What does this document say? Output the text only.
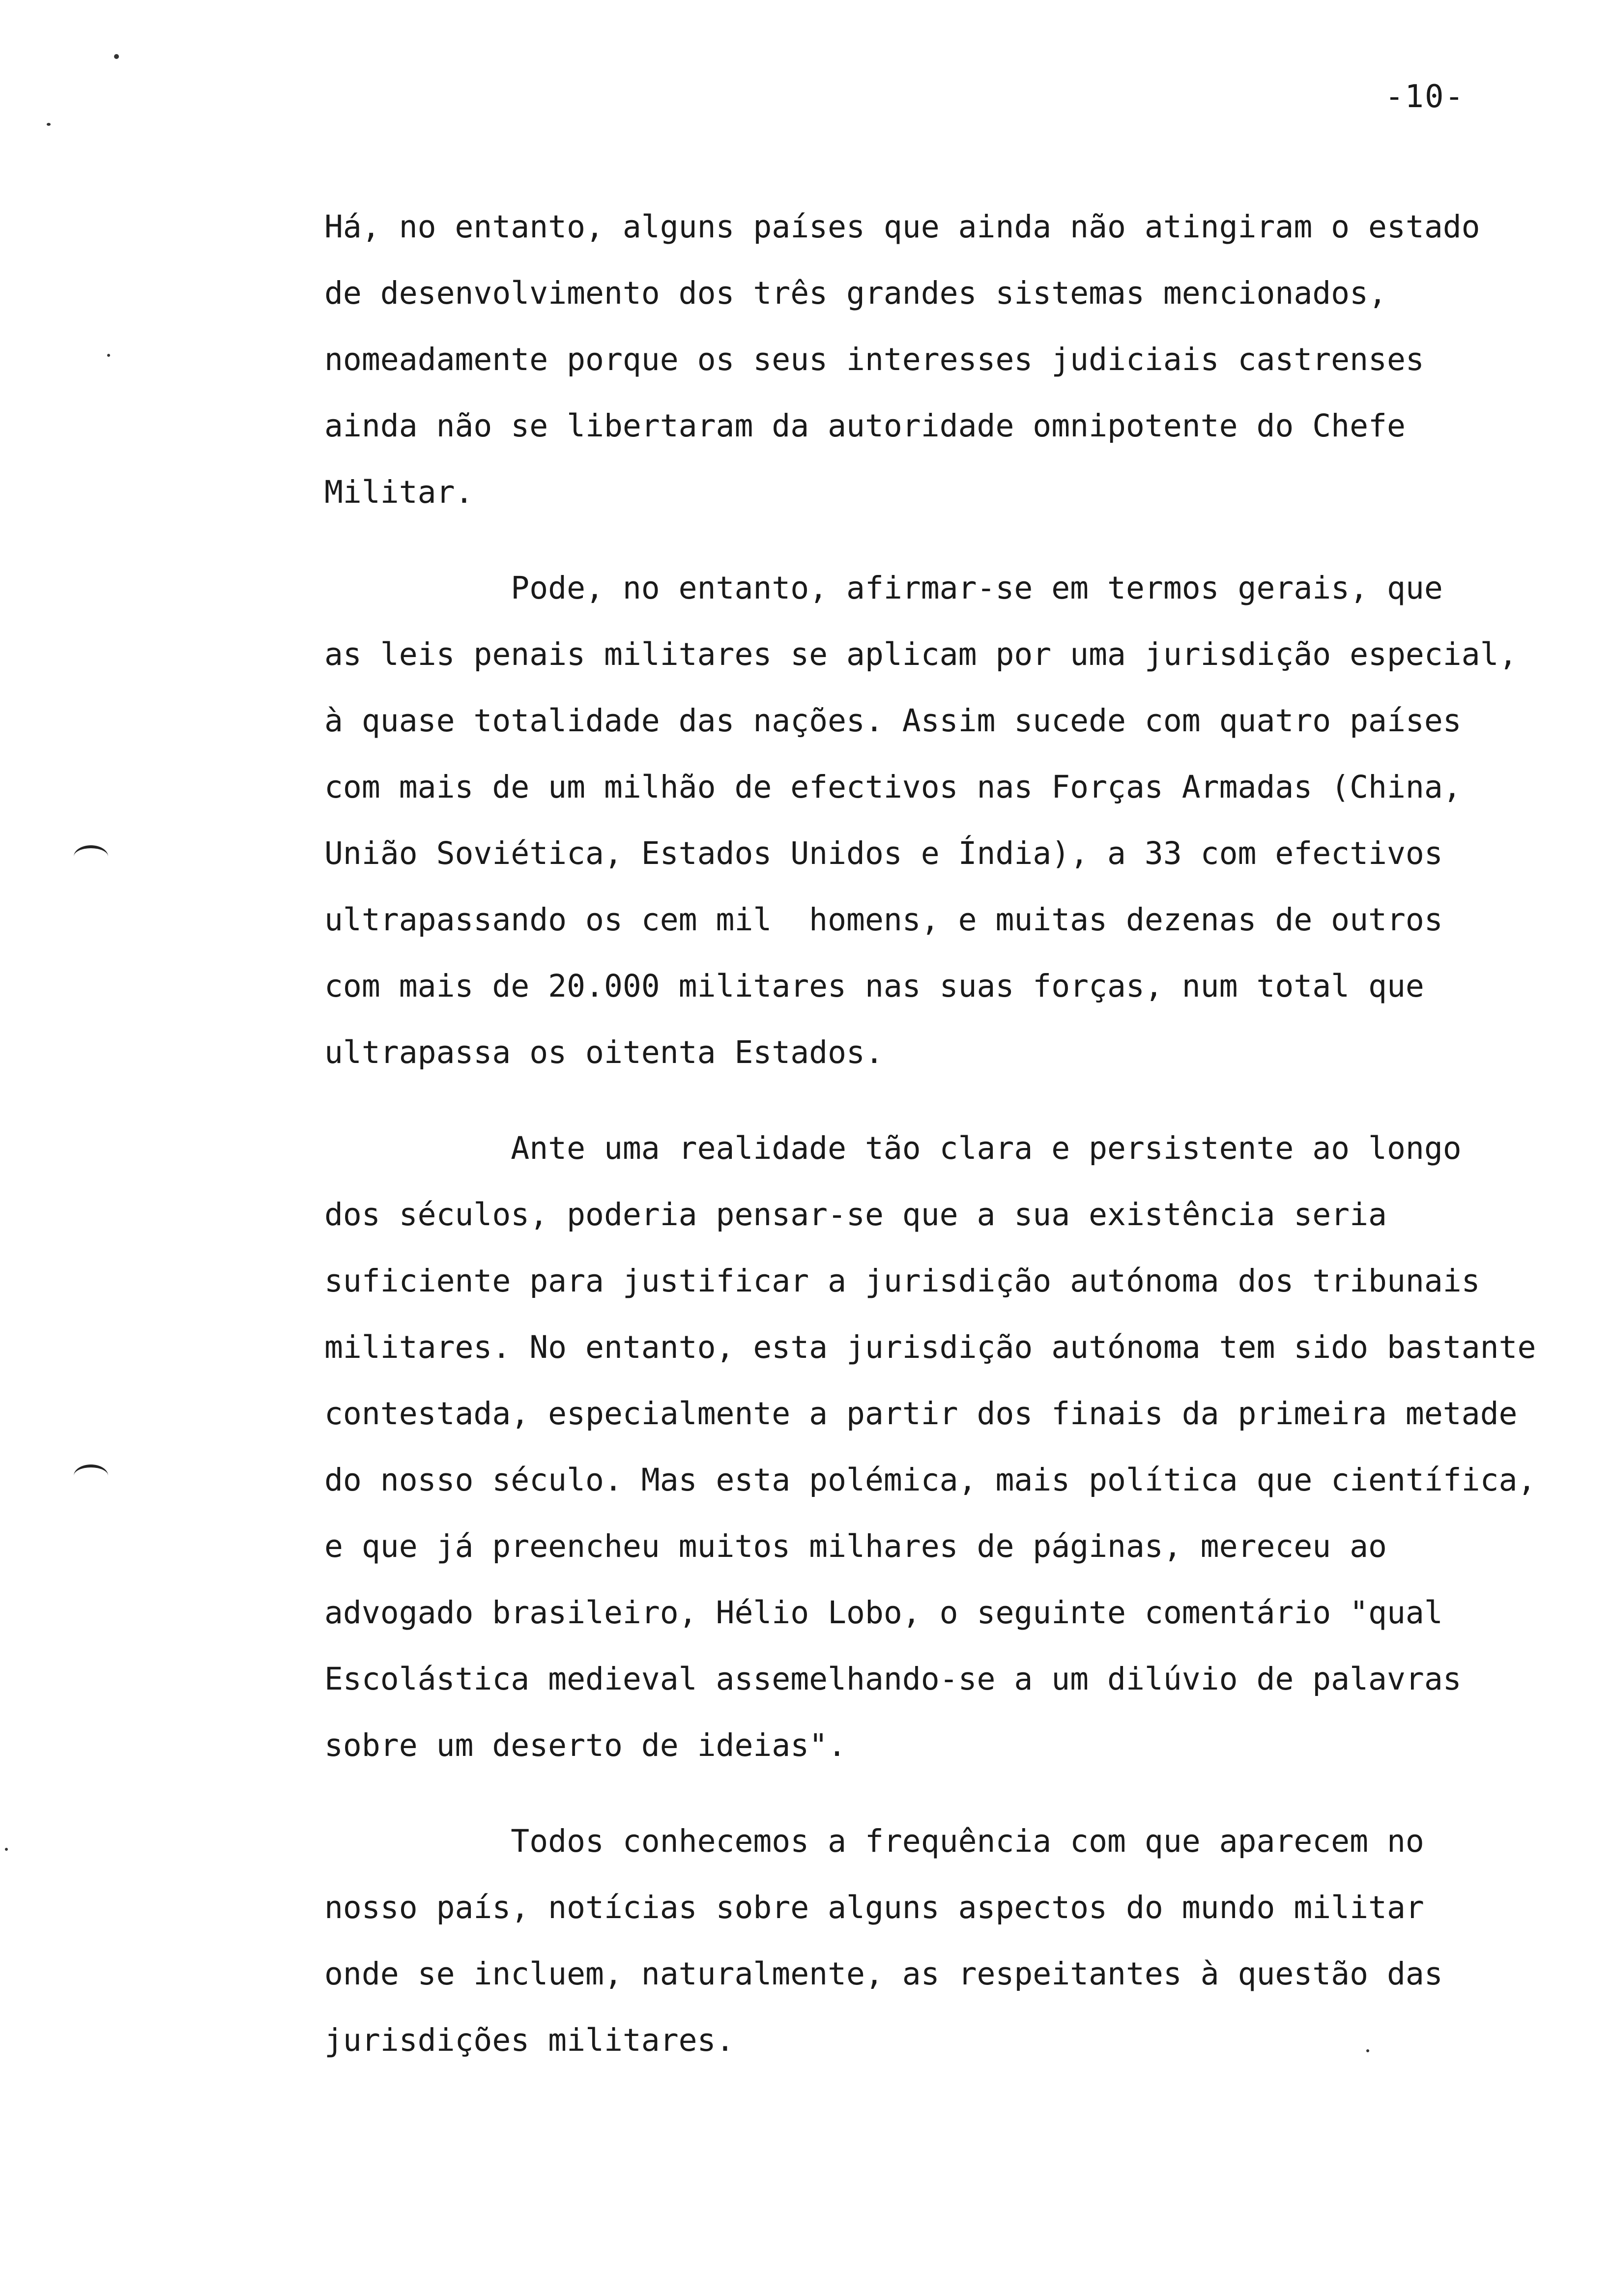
-10-
Há, no entanto, alguns países que ainda não atingiram o estado
de desenvolvimento dos três grandes sistemas mencionados,
nomeadamente porque os seus interesses judiciais castrenses
ainda não se libertaram da autoridade omnipotente do Chefe
Militar.
Pode, no entanto, afirmar-se em termos gerais, que
as leis penais militares se aplicam por uma jurisdição especial,
à quase totalidade das nações. Assim sucede com quatro países
com mais de um milhão de efectivos nas Forças Armadas (China,
União Soviética, Estados Unidos e Índia), a 33 com efectivos
ultrapassando os cem mil  homens, e muitas dezenas de outros
com mais de 20.000 militares nas suas forças, num total que
ultrapassa os oitenta Estados.
Ante uma realidade tão clara e persistente ao longo
dos séculos, poderia pensar-se que a sua existência seria
suficiente para justificar a jurisdição autónoma dos tribunais
militares. No entanto, esta jurisdição autónoma tem sido bastante
contestada, especialmente a partir dos finais da primeira metade
do nosso século. Mas esta polémica, mais política que científica,
e que já preencheu muitos milhares de páginas, mereceu ao
advogado brasileiro, Hélio Lobo, o seguinte comentário "qual
Escolástica medieval assemelhando-se a um dilúvio de palavras
sobre um deserto de ideias".
Todos conhecemos a frequência com que aparecem no
nosso país, notícias sobre alguns aspectos do mundo militar
onde se incluem, naturalmente, as respeitantes à questão das
jurisdições militares.
